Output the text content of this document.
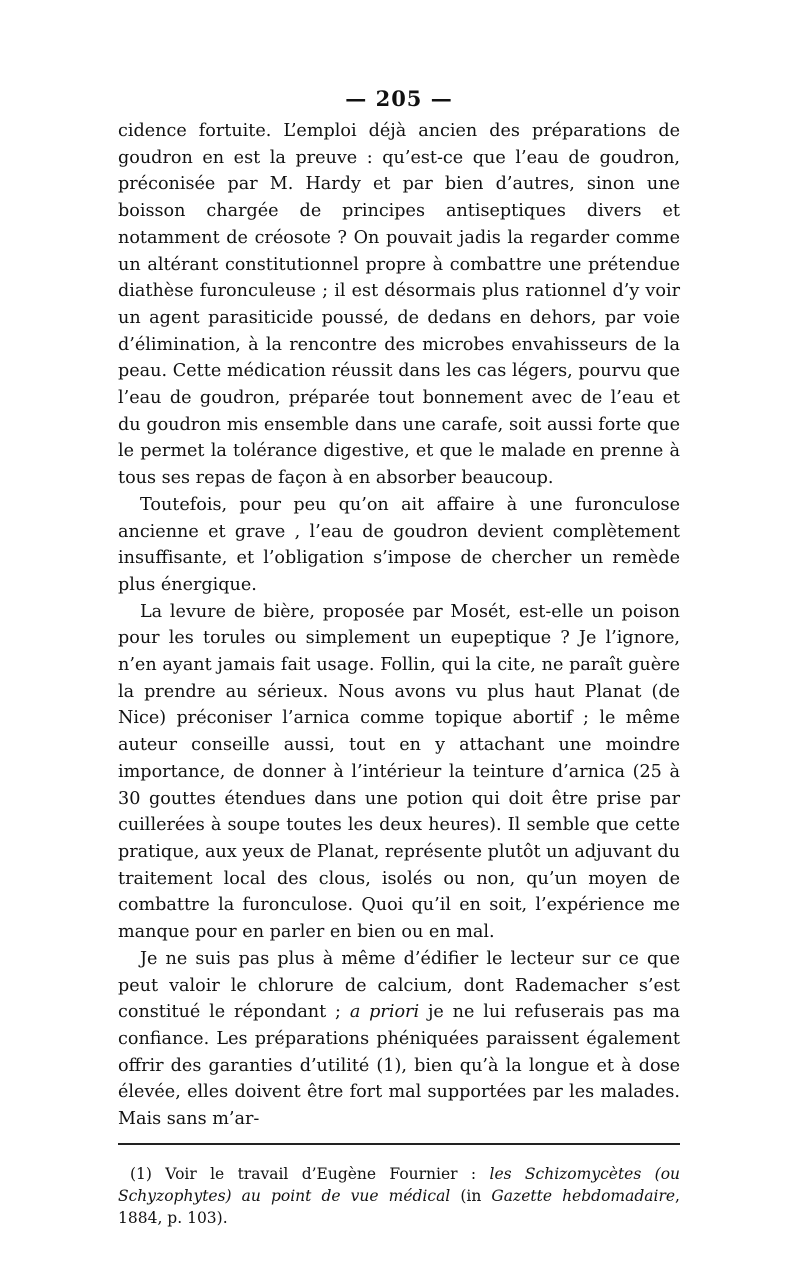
— 205 —

cidence fortuite. L’emploi déjà ancien des préparations de goudron en est la preuve : qu’est-ce que l’eau de goudron, préconisée par M. Hardy et par bien d’autres, sinon une boisson chargée de principes antiseptiques divers et notamment de créosote ? On pouvait jadis la regarder comme un altérant constitutionnel propre à combattre une prétendue diathèse furonculeuse ; il est désormais plus rationnel d’y voir un agent parasiticide poussé, de dedans en dehors, par voie d’élimination, à la rencontre des microbes envahisseurs de la peau. Cette médication réussit dans les cas légers, pourvu que l’eau de goudron, préparée tout bonnement avec de l’eau et du goudron mis ensemble dans une carafe, soit aussi forte que le permet la tolérance digestive, et que le malade en prenne à tous ses repas de façon à en absorber beaucoup.

Toutefois, pour peu qu’on ait affaire à une furonculose ancienne et grave , l’eau de goudron devient complètement insuffisante, et l’obligation s’impose de chercher un remède plus énergique.

La levure de bière, proposée par Mosét, est-elle un poison pour les torules ou simplement un eupeptique ? Je l’ignore, n’en ayant jamais fait usage. Follin, qui la cite, ne paraît guère la prendre au sérieux. Nous avons vu plus haut Planat (de Nice) préconiser l’arnica comme topique abortif ; le même auteur conseille aussi, tout en y attachant une moindre importance, de donner à l’intérieur la teinture d’arnica (25 à 30 gouttes étendues dans une potion qui doit être prise par cuillerées à soupe toutes les deux heures). Il semble que cette pratique, aux yeux de Planat, représente plutôt un adjuvant du traitement local des clous, isolés ou non, qu’un moyen de combattre la furonculose. Quoi qu’il en soit, l’expérience me manque pour en parler en bien ou en mal.

Je ne suis pas plus à même d’édifier le lecteur sur ce que peut valoir le chlorure de calcium, dont Rademacher s’est constitué le répondant ; a priori je ne lui refuserais pas ma confiance. Les préparations phéniquées paraissent également offrir des garanties d’utilité (1), bien qu’à la longue et à dose élevée, elles doivent être fort mal supportées par les malades. Mais sans m’ar-

(1) Voir le travail d’Eugène Fournier : les Schizomycètes (ou Schyzophytes) au point de vue médical (in Gazette hebdomadaire, 1884, p. 103).
